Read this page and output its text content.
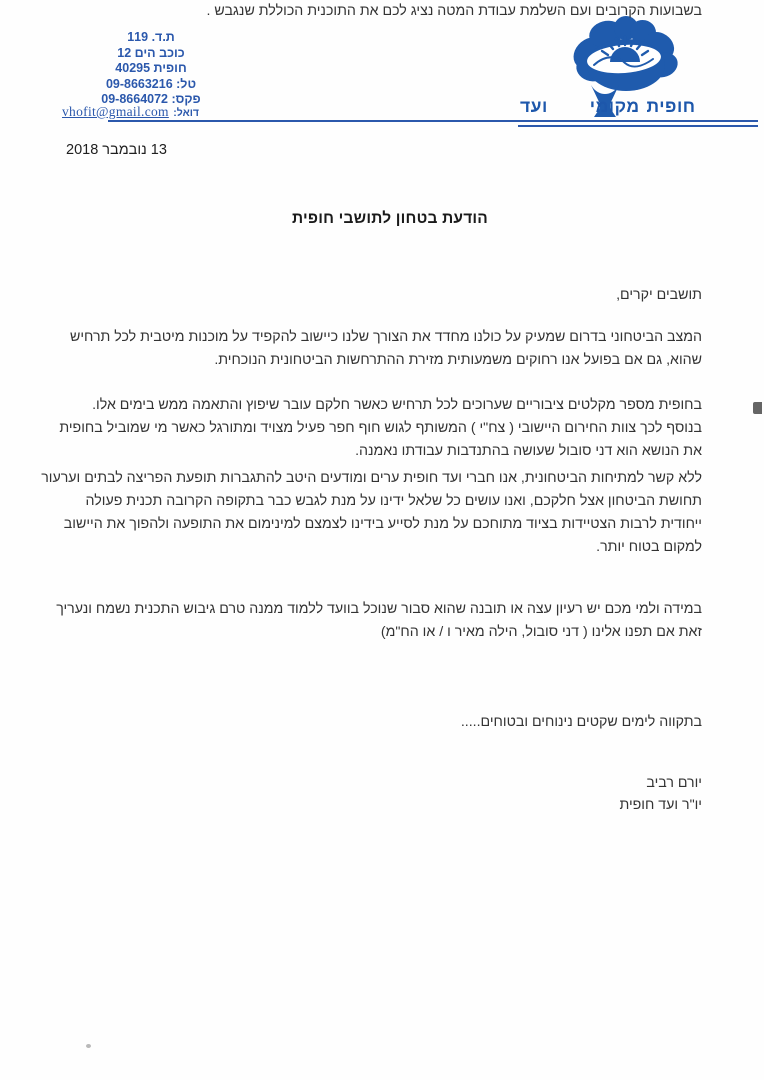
ת.ד. 119
כוכב הים 12
חופית 40295
טל: 09-8663216
פקס: 09-8664072
דואל: vhofit@gmail.com	ועד מקומי חופית
13 נובמבר 2018
הודעת בטחון לתושבי חופית
תושבים יקרים,
המצב הביטחוני בדרום שמעיק על כולנו מחדד את הצורך שלנו כיישוב להקפיד על מוכנות מיטבית לכל תרחיש
שהוא, גם אם בפועל אנו רחוקים משמעותית מזירת ההתרחשות הביטחונית הנוכחית.
בחופית מספר מקלטים ציבוריים שערוכים לכל תרחיש כאשר חלקם עובר שיפוץ והתאמה ממש בימים אלו.
בנוסף לכך צוות החירום היישובי ( צח"י ) המשותף לגוש חוף חפר פעיל מצויד ומתורגל כאשר מי שמוביל בחופית
את הנושא הוא דני סובול שעושה בהתנדבות עבודתו נאמנה.
ללא קשר למתיחות הביטחונית, אנו חברי ועד חופית ערים ומודעים היטב להתגברות תופעת הפריצה לבתים וערעור
תחושת הביטחון אצל חלקכם, ואנו עושים כל שלאל ידינו על מנת לגבש כבר בתקופה הקרובה תכנית פעולה
ייחודית לרבות הצטיידות בציוד מתוחכם על מנת לסייע בידינו לצמצם למינימום את התופעה ולהפוך את היישוב
למקום בטוח יותר.
בשבועות הקרובים ועם השלמת עבודת המטה נציג לכם את התוכנית הכוללת שנגבש .
במידה ולמי מכם יש רעיון עצה או תובנה שהוא סבור שנוכל בוועד ללמוד ממנה טרם גיבוש התכנית נשמח ונעריך
זאת אם תפנו אלינו ( דני סובול, הילה מאיר ו / או הח"מ)
בתקווה לימים שקטים נינוחים ובטוחים.....
יורם רביב
יו"ר ועד חופית
